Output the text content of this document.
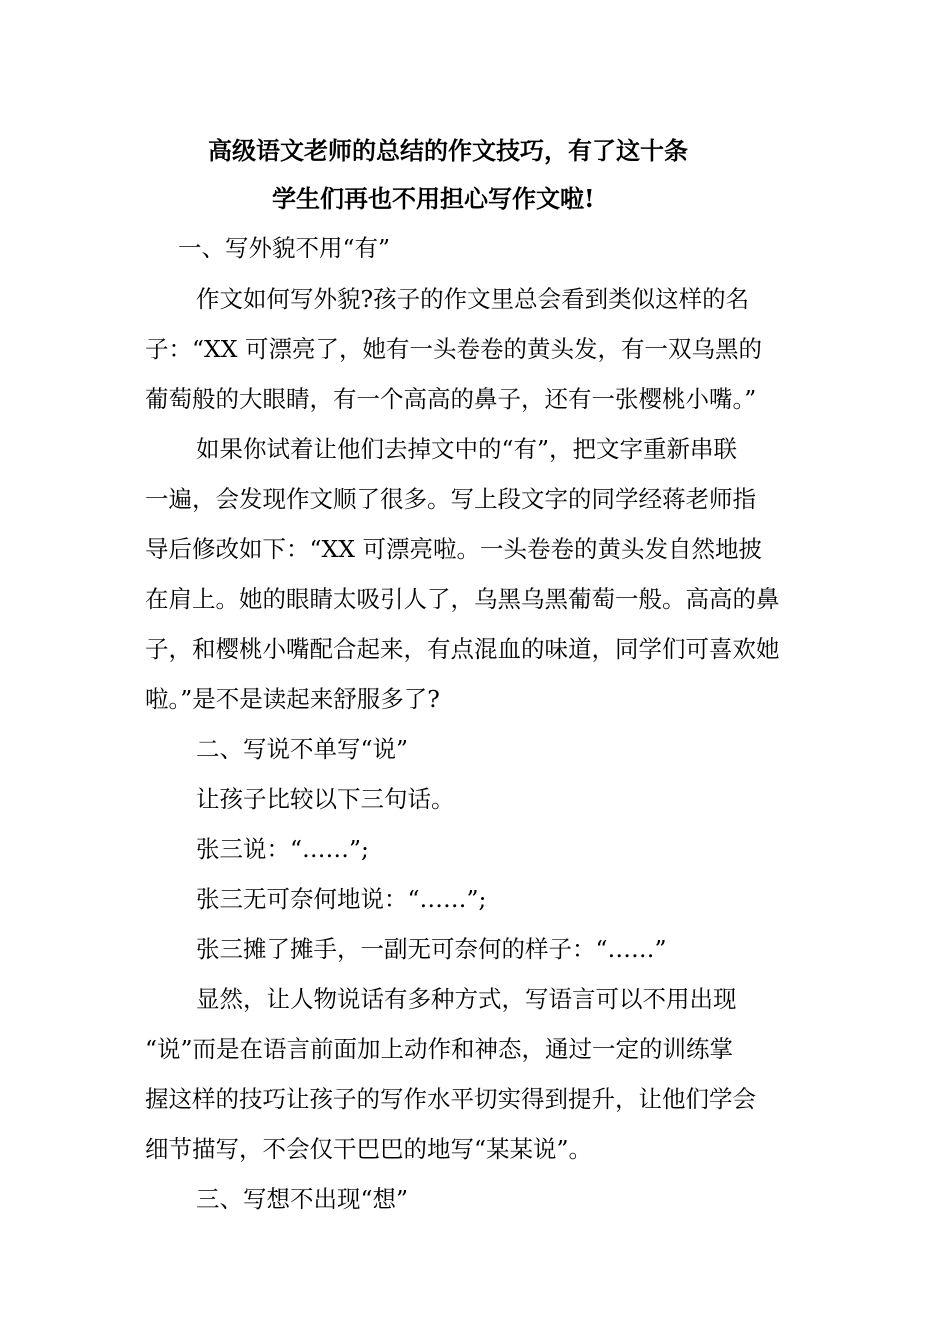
高级语文老师的总结的作文技巧，有了这十条
学生们再也不用担心写作文啦!
一、写外貌不用“有”
作文如何写外貌?孩子的作文里总会看到类似这样的名
子：“XX 可漂亮了，她有一头卷卷的黄头发，有一双乌黑的
葡萄般的大眼睛，有一个高高的鼻子，还有一张樱桃小嘴。”
如果你试着让他们去掉文中的“有”，把文字重新串联
一遍，会发现作文顺了很多。写上段文字的同学经蒋老师指
导后修改如下：“XX 可漂亮啦。一头卷卷的黄头发自然地披
在肩上。她的眼睛太吸引人了，乌黑乌黑葡萄一般。高高的鼻
子，和樱桃小嘴配合起来，有点混血的味道，同学们可喜欢她
啦。”是不是读起来舒服多了?
二、写说不单写“说”
让孩子比较以下三句话。
张三说：“……”;
张三无可奈何地说：“……”;
张三摊了摊手，一副无可奈何的样子：“……”
显然，让人物说话有多种方式，写语言可以不用出现
“说”而是在语言前面加上动作和神态，通过一定的训练掌
握这样的技巧让孩子的写作水平切实得到提升，让他们学会
细节描写，不会仅干巴巴的地写“某某说”。
三、写想不出现“想”
